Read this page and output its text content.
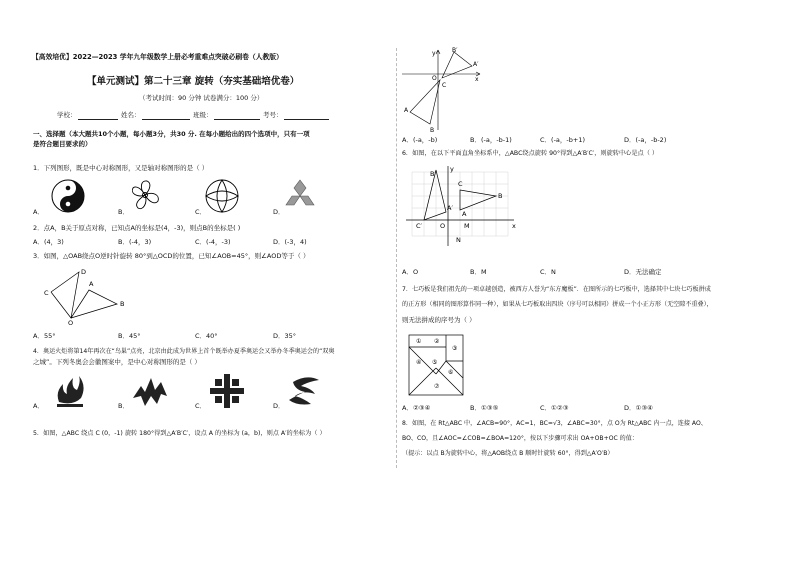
【高效培优】2022—2023 学年九年级数学上册必考重难点突破必刷卷（人教版）
【单元测试】第二十三章 旋转（夯实基础培优卷）
（考试时间：90 分钟 试卷满分：100 分）
学校：	姓名：	班级：	考号：
一、选择题（本大题共10个小题，每小题3分，共30 分. 在每小题给出的四个选项中，只有一项
是符合题目要求的）
1．下列图形，既是中心对称图形，又是轴对称图形的是（ ）
A．	B．	C．	D．
2．点A，B关于原点对称，已知点A的坐标是(4，-3)，则点B的坐标是( )
A．(4，3)	B．(-4，3)	C．(-4，-3)	D．(-3，4)
3．如图，△OAB绕点O逆时针旋转 80°到△OCD的位置，已知∠AOB=45°，则∠AOD等于（ ）
C
A
D
O
B
A．55°	B．45°	C．40°	D．35°
4．奥运火炬将第14年再次在“鸟巢”点亮，北京由此成为世界上首个既举办夏季奥运会又举办冬季奥运会的“双奥
之城”。下列冬奥会会徽图案中，是中心对称图形的是（ ）
A．	B．	C．	D．
5．如图，△ABC 绕点 C (0，-1) 旋转 180°得到△A′B′C′，设点 A 的坐标为 (a，b)，则点 A′的坐标为（ ）
y	B′
A′
O
C
x
A
B
A．(-a，-b)	B．(-a，-b-1)	C．(-a，-b+1)	D．(-a，-b-2)
6．如图，在以下平面直角坐标系中，△ABC绕点旋转 90°得到△A′B′C′，则旋转中心是点（ ）
y
B′
C
B
A′
A
C′	O	M	x
N
A．O	B．M	C．N	D．无法确定
7．七巧板是我们祖先的一项卓越创造，被西方人誉为“东方魔板”．在图所示的七巧板中，选择其中七块七巧板拼成
的正方形（相同的图形算作同一种），如果从七巧板取出四块（序号可以相同）拼成一个小正方形（无空隙不重叠），
则无法拼成的序号为（ ）
① ②
③
④ ⑤
⑥
⑦
A．②③④	B．①③⑤	C．①②③	D．①③④
8．如图，在 Rt△ABC 中，∠ACB=90°，AC=1，BC=√3，∠ABC=30°，点 O为 Rt△ABC 内一点，连接 AO、
BO、CO，且∠AOC=∠COB=∠BOA=120°，按以下步骤可求出 OA+OB+OC 的值：
（提示：以点 B为旋转中心，将△AOB绕点 B 顺时针旋转 60°，得到△A′O′B）
